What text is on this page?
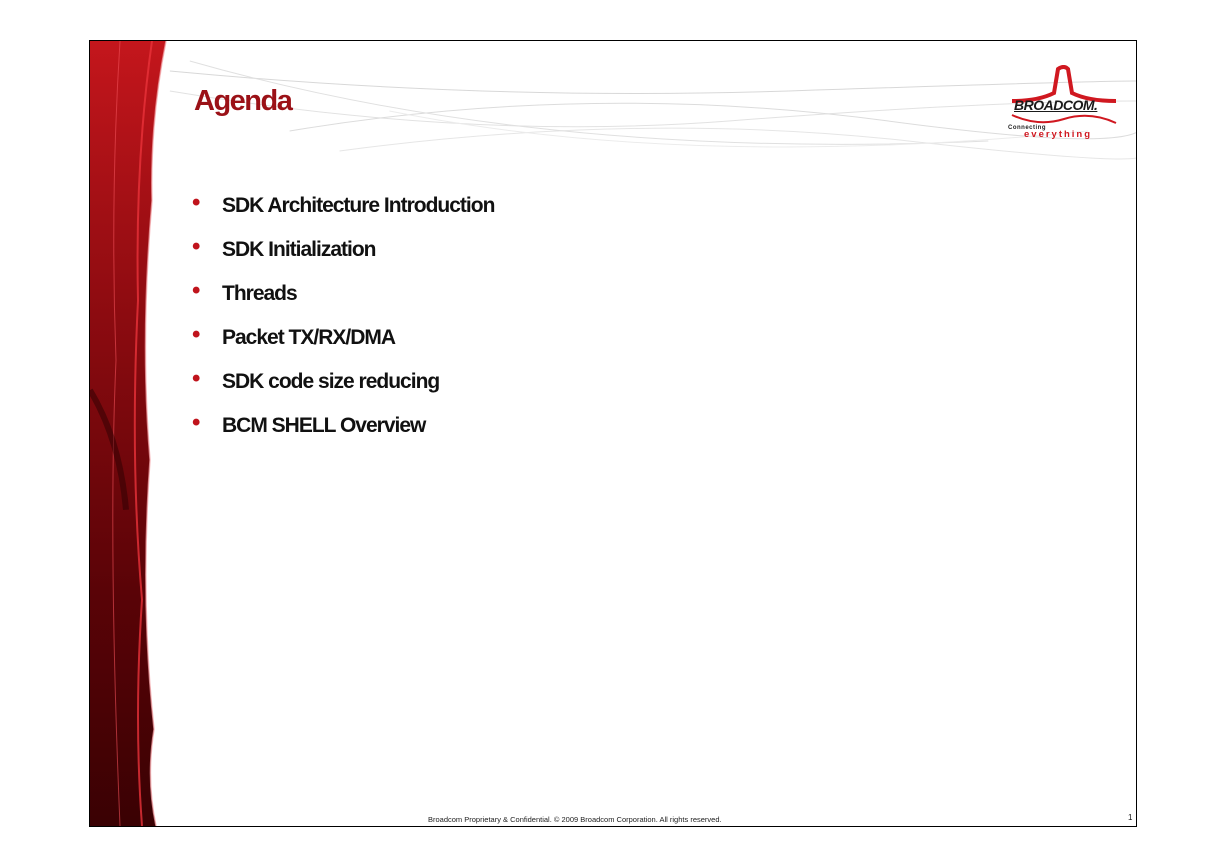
Agenda	BROADCOM.
Connecting
everything
• SDK Architecture Introduction
• SDK Initialization
• Threads
• Packet TX/RX/DMA
• SDK code size reducing
• BCM SHELL Overview
Broadcom Proprietary & Confidential. © 2009 Broadcom Corporation. All rights reserved.	1
